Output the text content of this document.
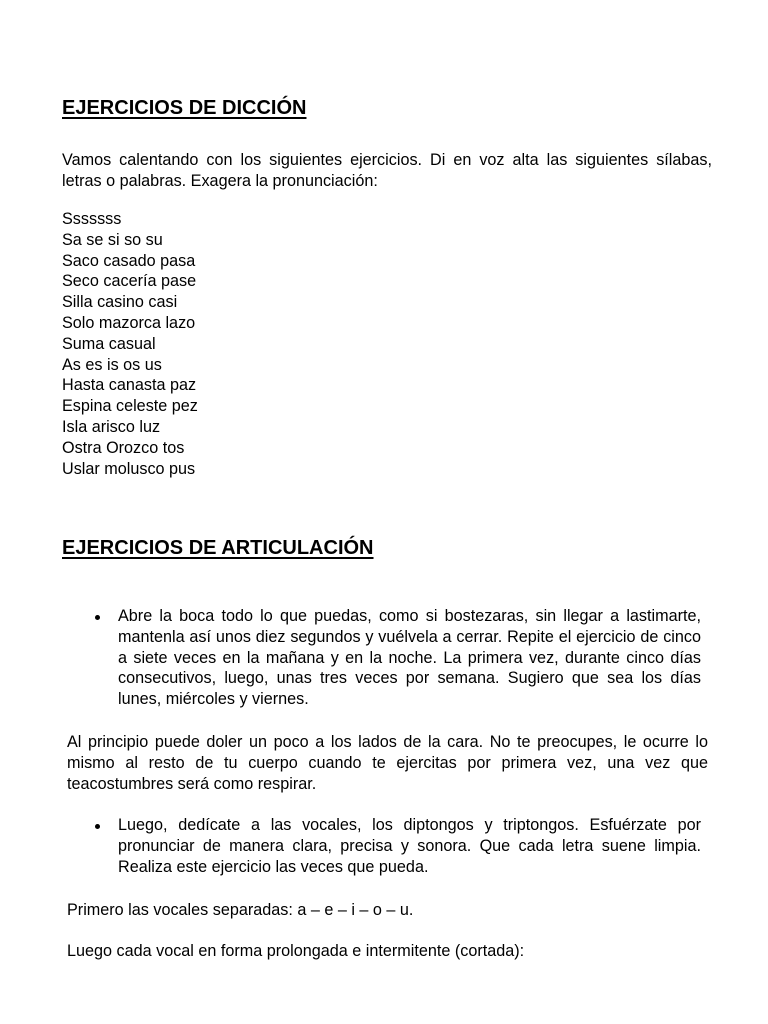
EJERCICIOS DE DICCIÓN

Vamos calentando con los siguientes ejercicios. Di en voz alta las siguientes sílabas, letras o palabras. Exagera la pronunciación:

Sssssss
Sa se si so su
Saco casado pasa
Seco cacería pase
Silla casino casi
Solo mazorca lazo
Suma casual
As es is os us
Hasta canasta paz
Espina celeste pez
Isla arisco luz
Ostra Orozco tos
Uslar molusco pus
EJERCICIOS DE ARTICULACIÓN

Abre la boca todo lo que puedas, como si bostezaras, sin llegar a lastimarte, mantenla así unos diez segundos y vuélvela a cerrar. Repite el ejercicio de cinco a siete veces en la mañana y en la noche. La primera vez, durante cinco días consecutivos, luego, unas tres veces por semana. Sugiero que sea los días lunes, miércoles y viernes.

Al principio puede doler un poco a los lados de la cara. No te preocupes, le ocurre lo mismo al resto de tu cuerpo cuando te ejercitas por primera vez, una vez que teacostumbres será como respirar.

Luego, dedícate a las vocales, los diptongos y triptongos. Esfuérzate por pronunciar de manera clara, precisa y sonora. Que cada letra suene limpia. Realiza este ejercicio las veces que pueda.

Primero las vocales separadas: a – e – i – o – u.

Luego cada vocal en forma prolongada e intermitente (cortada):
